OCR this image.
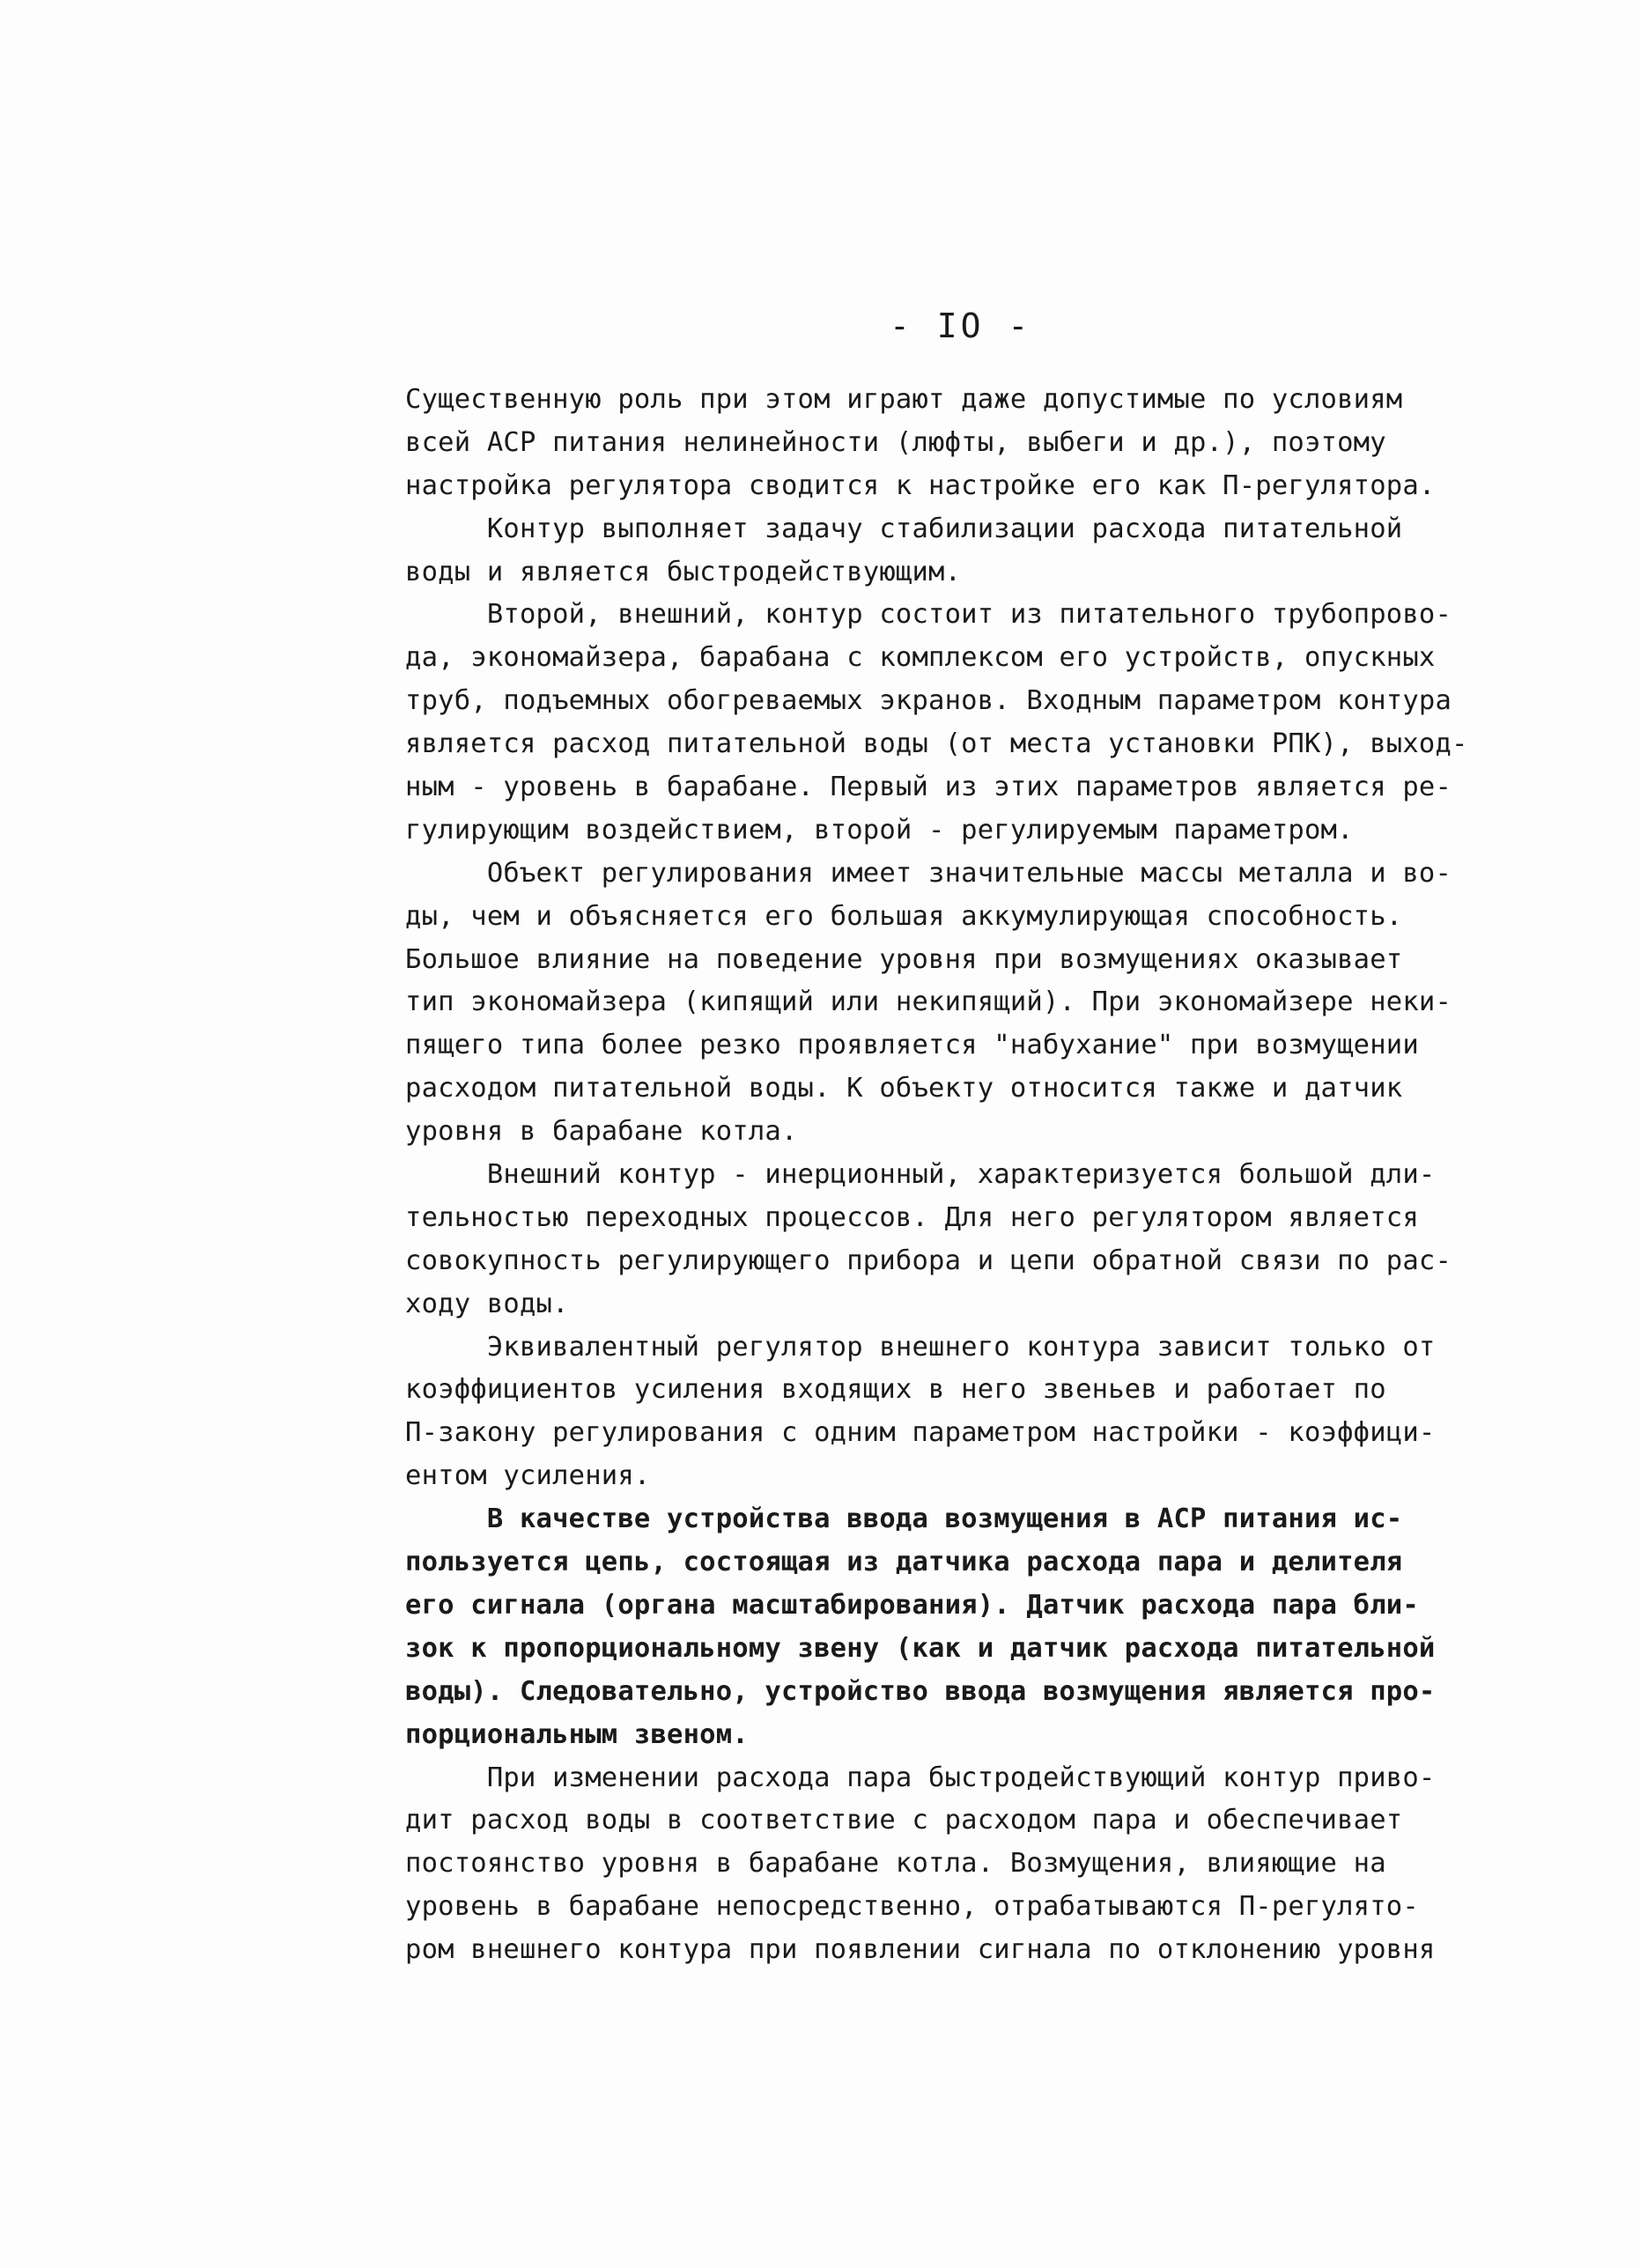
- IO -
Существенную роль при этом играют даже допустимые по условиям
всей АСР питания нелинейности (люфты, выбеги и др.), поэтому
настройка регулятора сводится к настройке его как П-регулятора.
Контур выполняет задачу стабилизации расхода питательной
воды и является быстродействующим.
Второй, внешний, контур состоит из питательного трубопрово-
да, экономайзера, барабана с комплексом его устройств, опускных
труб, подъемных обогреваемых экранов. Входным параметром контура
является расход питательной воды (от места установки РПК), выход-
ным - уровень в барабане. Первый из этих параметров является ре-
гулирующим воздействием, второй - регулируемым параметром.
Объект регулирования имеет значительные массы металла и во-
ды, чем и объясняется его большая аккумулирующая способность.
Большое влияние на поведение уровня при возмущениях оказывает
тип экономайзера (кипящий или некипящий). При экономайзере неки-
пящего типа более резко проявляется "набухание" при возмущении
расходом питательной воды. К объекту относится также и датчик
уровня в барабане котла.
Внешний контур - инерционный, характеризуется большой дли-
тельностью переходных процессов. Для него регулятором является
совокупность регулирующего прибора и цепи обратной связи по рас-
ходу воды.
Эквивалентный регулятор внешнего контура зависит только от
коэффициентов усиления входящих в него звеньев и работает по
П-закону регулирования с одним параметром настройки - коэффици-
ентом усиления.
В качестве устройства ввода возмущения в АСР питания ис-
пользуется цепь, состоящая из датчика расхода пара и делителя
его сигнала (органа масштабирования). Датчик расхода пара бли-
зок к пропорциональному звену (как и датчик расхода питательной
воды). Следовательно, устройство ввода возмущения является про-
порциональным звеном.
При изменении расхода пара быстродействующий контур приво-
дит расход воды в соответствие с расходом пара и обеспечивает
постоянство уровня в барабане котла. Возмущения, влияющие на
уровень в барабане непосредственно, отрабатываются П-регулято-
ром внешнего контура при появлении сигнала по отклонению уровня
